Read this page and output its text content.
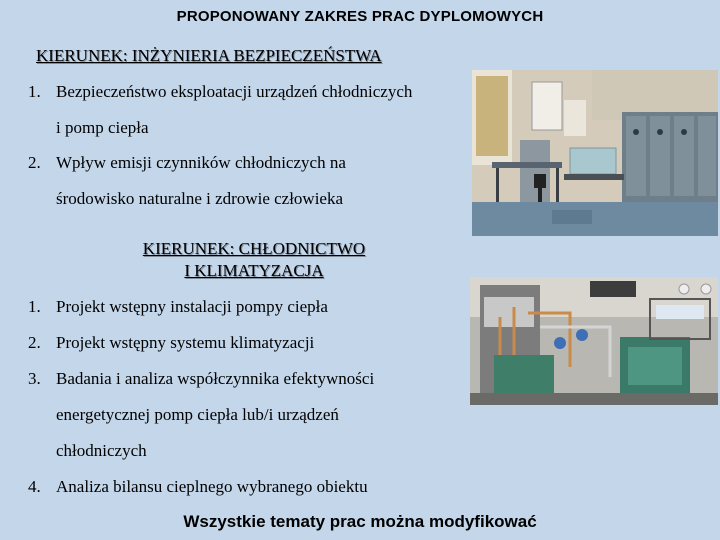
PROPONOWANY ZAKRES PRAC DYPLOMOWYCH
KIERUNEK: INŻYNIERIA BEZPIECZEŃSTWA
1. Bezpieczeństwo eksploatacji urządzeń chłodniczych
i pomp ciepła
2. Wpływ emisji czynników chłodniczych na
środowisko naturalne i zdrowie człowieka
KIERUNEK: CHŁODNICTWO
I KLIMATYZACJA
1. Projekt wstępny instalacji pompy ciepła
2. Projekt wstępny systemu klimatyzacji
3. Badania i analiza współczynnika efektywności
energetycznej pomp ciepła lub/i urządzeń
chłodniczych
4. Analiza bilansu cieplnego wybranego obiektu
Wszystkie tematy prac można modyfikować
